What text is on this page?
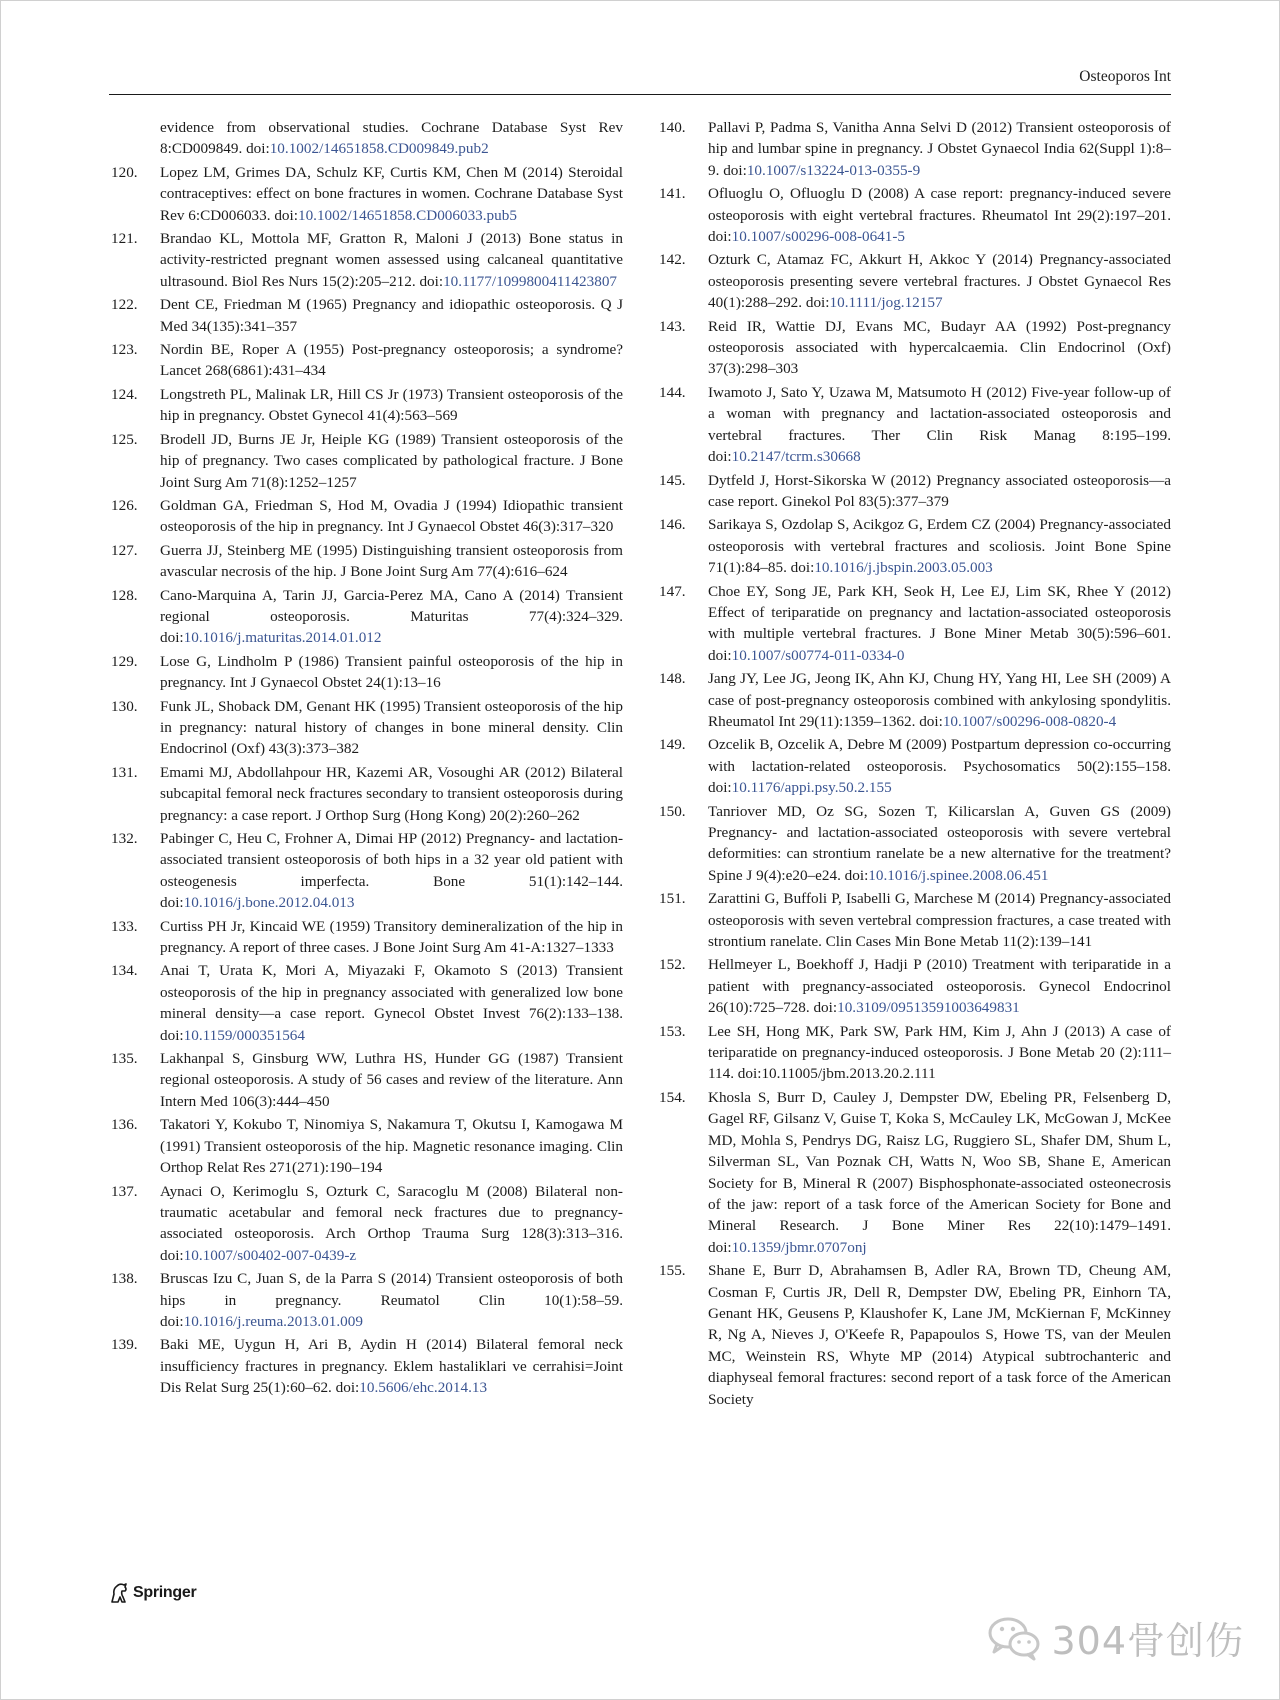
Osteoporos Int

evidence from observational studies. Cochrane Database Syst Rev 8:CD009849. doi:10.1002/14651858.CD009849.pub2

120. Lopez LM, Grimes DA, Schulz KF, Curtis KM, Chen M (2014) Steroidal contraceptives: effect on bone fractures in women. Cochrane Database Syst Rev 6:CD006033. doi:10.1002/14651858.CD006033.pub5

121. Brandao KL, Mottola MF, Gratton R, Maloni J (2013) Bone status in activity-restricted pregnant women assessed using calcaneal quantitative ultrasound. Biol Res Nurs 15(2):205–212. doi:10.1177/1099800411423807

122. Dent CE, Friedman M (1965) Pregnancy and idiopathic osteoporosis. Q J Med 34(135):341–357

123. Nordin BE, Roper A (1955) Post-pregnancy osteoporosis; a syndrome? Lancet 268(6861):431–434

124. Longstreth PL, Malinak LR, Hill CS Jr (1973) Transient osteoporosis of the hip in pregnancy. Obstet Gynecol 41(4):563–569

125. Brodell JD, Burns JE Jr, Heiple KG (1989) Transient osteoporosis of the hip of pregnancy. Two cases complicated by pathological fracture. J Bone Joint Surg Am 71(8):1252–1257

126. Goldman GA, Friedman S, Hod M, Ovadia J (1994) Idiopathic transient osteoporosis of the hip in pregnancy. Int J Gynaecol Obstet 46(3):317–320

127. Guerra JJ, Steinberg ME (1995) Distinguishing transient osteoporosis from avascular necrosis of the hip. J Bone Joint Surg Am 77(4):616–624

128. Cano-Marquina A, Tarin JJ, Garcia-Perez MA, Cano A (2014) Transient regional osteoporosis. Maturitas 77(4):324–329. doi:10.1016/j.maturitas.2014.01.012

129. Lose G, Lindholm P (1986) Transient painful osteoporosis of the hip in pregnancy. Int J Gynaecol Obstet 24(1):13–16

130. Funk JL, Shoback DM, Genant HK (1995) Transient osteoporosis of the hip in pregnancy: natural history of changes in bone mineral density. Clin Endocrinol (Oxf) 43(3):373–382

131. Emami MJ, Abdollahpour HR, Kazemi AR, Vosoughi AR (2012) Bilateral subcapital femoral neck fractures secondary to transient osteoporosis during pregnancy: a case report. J Orthop Surg (Hong Kong) 20(2):260–262

132. Pabinger C, Heu C, Frohner A, Dimai HP (2012) Pregnancy- and lactation-associated transient osteoporosis of both hips in a 32 year old patient with osteogenesis imperfecta. Bone 51(1):142–144. doi:10.1016/j.bone.2012.04.013

133. Curtiss PH Jr, Kincaid WE (1959) Transitory demineralization of the hip in pregnancy. A report of three cases. J Bone Joint Surg Am 41-A:1327–1333

134. Anai T, Urata K, Mori A, Miyazaki F, Okamoto S (2013) Transient osteoporosis of the hip in pregnancy associated with generalized low bone mineral density—a case report. Gynecol Obstet Invest 76(2):133–138. doi:10.1159/000351564

135. Lakhanpal S, Ginsburg WW, Luthra HS, Hunder GG (1987) Transient regional osteoporosis. A study of 56 cases and review of the literature. Ann Intern Med 106(3):444–450

136. Takatori Y, Kokubo T, Ninomiya S, Nakamura T, Okutsu I, Kamogawa M (1991) Transient osteoporosis of the hip. Magnetic resonance imaging. Clin Orthop Relat Res 271(271):190–194

137. Aynaci O, Kerimoglu S, Ozturk C, Saracoglu M (2008) Bilateral non-traumatic acetabular and femoral neck fractures due to pregnancy-associated osteoporosis. Arch Orthop Trauma Surg 128(3):313–316. doi:10.1007/s00402-007-0439-z

138. Bruscas Izu C, Juan S, de la Parra S (2014) Transient osteoporosis of both hips in pregnancy. Reumatol Clin 10(1):58–59. doi:10.1016/j.reuma.2013.01.009

139. Baki ME, Uygun H, Ari B, Aydin H (2014) Bilateral femoral neck insufficiency fractures in pregnancy. Eklem hastaliklari ve cerrahisi=Joint Dis Relat Surg 25(1):60–62. doi:10.5606/ehc.2014.13

140. Pallavi P, Padma S, Vanitha Anna Selvi D (2012) Transient osteoporosis of hip and lumbar spine in pregnancy. J Obstet Gynaecol India 62(Suppl 1):8–9. doi:10.1007/s13224-013-0355-9

141. Ofluoglu O, Ofluoglu D (2008) A case report: pregnancy-induced severe osteoporosis with eight vertebral fractures. Rheumatol Int 29(2):197–201. doi:10.1007/s00296-008-0641-5

142. Ozturk C, Atamaz FC, Akkurt H, Akkoc Y (2014) Pregnancy-associated osteoporosis presenting severe vertebral fractures. J Obstet Gynaecol Res 40(1):288–292. doi:10.1111/jog.12157

143. Reid IR, Wattie DJ, Evans MC, Budayr AA (1992) Post-pregnancy osteoporosis associated with hypercalcaemia. Clin Endocrinol (Oxf) 37(3):298–303

144. Iwamoto J, Sato Y, Uzawa M, Matsumoto H (2012) Five-year follow-up of a woman with pregnancy and lactation-associated osteoporosis and vertebral fractures. Ther Clin Risk Manag 8:195–199. doi:10.2147/tcrm.s30668

145. Dytfeld J, Horst-Sikorska W (2012) Pregnancy associated osteoporosis—a case report. Ginekol Pol 83(5):377–379

146. Sarikaya S, Ozdolap S, Acikgoz G, Erdem CZ (2004) Pregnancy-associated osteoporosis with vertebral fractures and scoliosis. Joint Bone Spine 71(1):84–85. doi:10.1016/j.jbspin.2003.05.003

147. Choe EY, Song JE, Park KH, Seok H, Lee EJ, Lim SK, Rhee Y (2012) Effect of teriparatide on pregnancy and lactation-associated osteoporosis with multiple vertebral fractures. J Bone Miner Metab 30(5):596–601. doi:10.1007/s00774-011-0334-0

148. Jang JY, Lee JG, Jeong IK, Ahn KJ, Chung HY, Yang HI, Lee SH (2009) A case of post-pregnancy osteoporosis combined with ankylosing spondylitis. Rheumatol Int 29(11):1359–1362. doi:10.1007/s00296-008-0820-4

149. Ozcelik B, Ozcelik A, Debre M (2009) Postpartum depression co-occurring with lactation-related osteoporosis. Psychosomatics 50(2):155–158. doi:10.1176/appi.psy.50.2.155

150. Tanriover MD, Oz SG, Sozen T, Kilicarslan A, Guven GS (2009) Pregnancy- and lactation-associated osteoporosis with severe vertebral deformities: can strontium ranelate be a new alternative for the treatment? Spine J 9(4):e20–e24. doi:10.1016/j.spinee.2008.06.451

151. Zarattini G, Buffoli P, Isabelli G, Marchese M (2014) Pregnancy-associated osteoporosis with seven vertebral compression fractures, a case treated with strontium ranelate. Clin Cases Min Bone Metab 11(2):139–141

152. Hellmeyer L, Boekhoff J, Hadji P (2010) Treatment with teriparatide in a patient with pregnancy-associated osteoporosis. Gynecol Endocrinol 26(10):725–728. doi:10.3109/09513591003649831

153. Lee SH, Hong MK, Park SW, Park HM, Kim J, Ahn J (2013) A case of teriparatide on pregnancy-induced osteoporosis. J Bone Metab 20 (2):111–114. doi:10.11005/jbm.2013.20.2.111

154. Khosla S, Burr D, Cauley J, Dempster DW, Ebeling PR, Felsenberg D, Gagel RF, Gilsanz V, Guise T, Koka S, McCauley LK, McGowan J, McKee MD, Mohla S, Pendrys DG, Raisz LG, Ruggiero SL, Shafer DM, Shum L, Silverman SL, Van Poznak CH, Watts N, Woo SB, Shane E, American Society for B, Mineral R (2007) Bisphosphonate-associated osteonecrosis of the jaw: report of a task force of the American Society for Bone and Mineral Research. J Bone Miner Res 22(10):1479–1491. doi:10.1359/jbmr.0707onj

155. Shane E, Burr D, Abrahamsen B, Adler RA, Brown TD, Cheung AM, Cosman F, Curtis JR, Dell R, Dempster DW, Ebeling PR, Einhorn TA, Genant HK, Geusens P, Klaushofer K, Lane JM, McKiernan F, McKinney R, Ng A, Nieves J, O'Keefe R, Papapoulos S, Howe TS, van der Meulen MC, Weinstein RS, Whyte MP (2014) Atypical subtrochanteric and diaphyseal femoral fractures: second report of a task force of the American Society

Springer
304骨创伤
